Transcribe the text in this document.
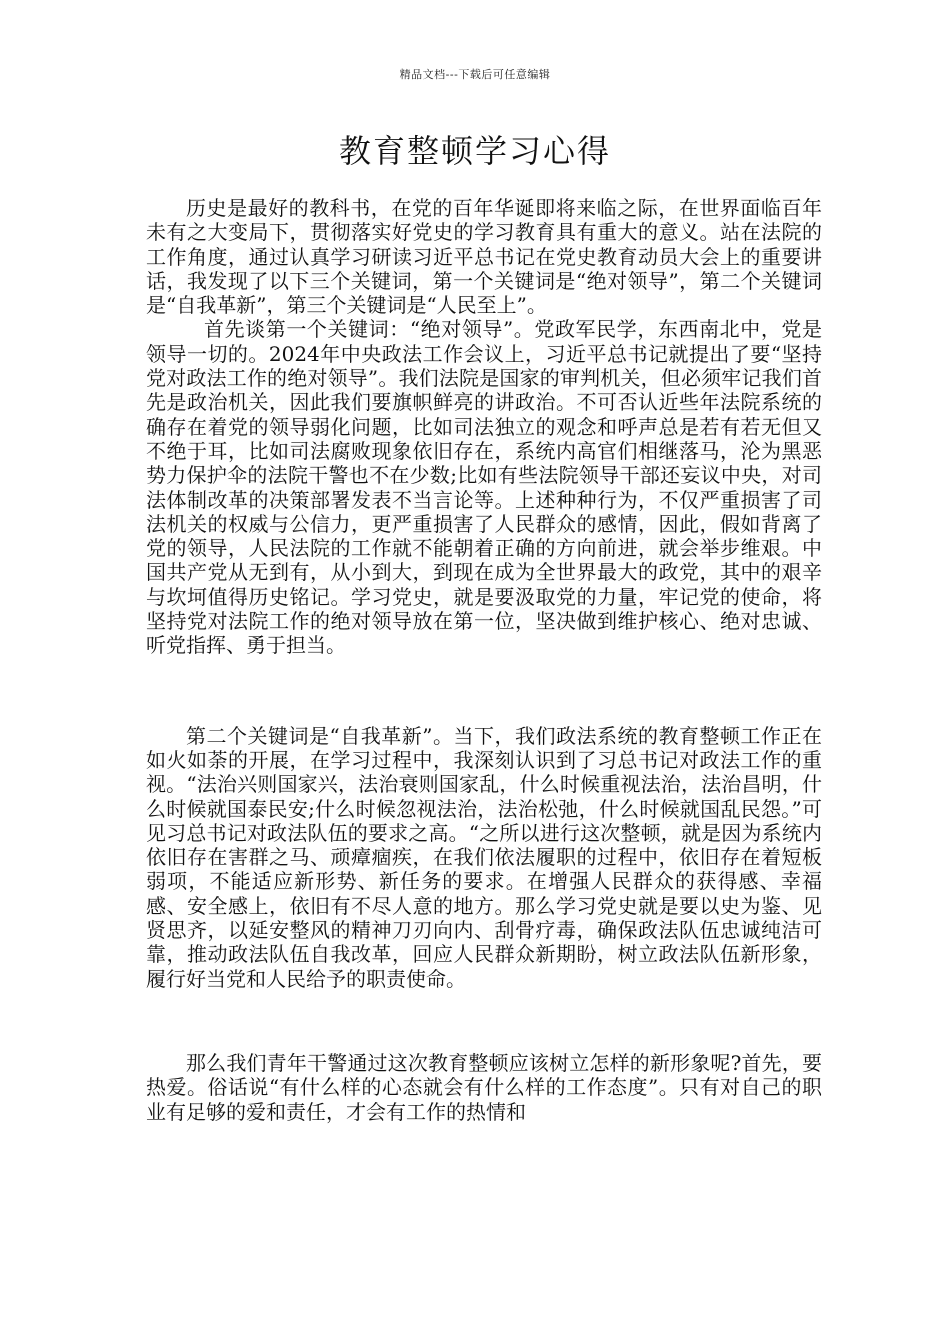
精品文档---下载后可任意编辑
教育整顿学习心得

历史是最好的教科书，在党的百年华诞即将来临之际，在世界面临百年未有之大变局下，贯彻落实好党史的学习教育具有重大的意义。站在法院的工作角度，通过认真学习研读习近平总书记在党史教育动员大会上的重要讲话，我发现了以下三个关键词，第一个关键词是“绝对领导”，第二个关键词是“自我革新”，第三个关键词是“人民至上”。

首先谈第一个关键词：“绝对领导”。党政军民学，东西南北中，党是领导一切的。2024年中央政法工作会议上，习近平总书记就提出了要“坚持党对政法工作的绝对领导”。我们法院是国家的审判机关，但必须牢记我们首先是政治机关，因此我们要旗帜鲜亮的讲政治。不可否认近些年法院系统的确存在着党的领导弱化问题，比如司法独立的观念和呼声总是若有若无但又不绝于耳，比如司法腐败现象依旧存在，系统内高官们相继落马，沦为黑恶势力保护伞的法院干警也不在少数;比如有些法院领导干部还妄议中央，对司法体制改革的决策部署发表不当言论等。上述种种行为，不仅严重损害了司法机关的权威与公信力，更严重损害了人民群众的感情，因此，假如背离了党的领导，人民法院的工作就不能朝着正确的方向前进，就会举步维艰。中国共产党从无到有，从小到大，到现在成为全世界最大的政党，其中的艰辛与坎坷值得历史铭记。学习党史，就是要汲取党的力量，牢记党的使命，将坚持党对法院工作的绝对领导放在第一位，坚决做到维护核心、绝对忠诚、听党指挥、勇于担当。

第二个关键词是“自我革新”。当下，我们政法系统的教育整顿工作正在如火如荼的开展，在学习过程中，我深刻认识到了习总书记对政法工作的重视。“法治兴则国家兴，法治衰则国家乱，什么时候重视法治，法治昌明，什么时候就国泰民安;什么时候忽视法治，法治松弛，什么时候就国乱民怨。”可见习总书记对政法队伍的要求之高。“之所以进行这次整顿，就是因为系统内依旧存在害群之马、顽瘴痼疾，在我们依法履职的过程中，依旧存在着短板弱项，不能适应新形势、新任务的要求。在增强人民群众的获得感、幸福感、安全感上，依旧有不尽人意的地方。那么学习党史就是要以史为鉴、见贤思齐，以延安整风的精神刀刃向内、刮骨疗毒，确保政法队伍忠诚纯洁可靠，推动政法队伍自我改革，回应人民群众新期盼，树立政法队伍新形象，履行好当党和人民给予的职责使命。

那么我们青年干警通过这次教育整顿应该树立怎样的新形象呢?首先，要热爱。俗话说“有什么样的心态就会有什么样的工作态度”。只有对自己的职业有足够的爱和责任，才会有工作的热情和
